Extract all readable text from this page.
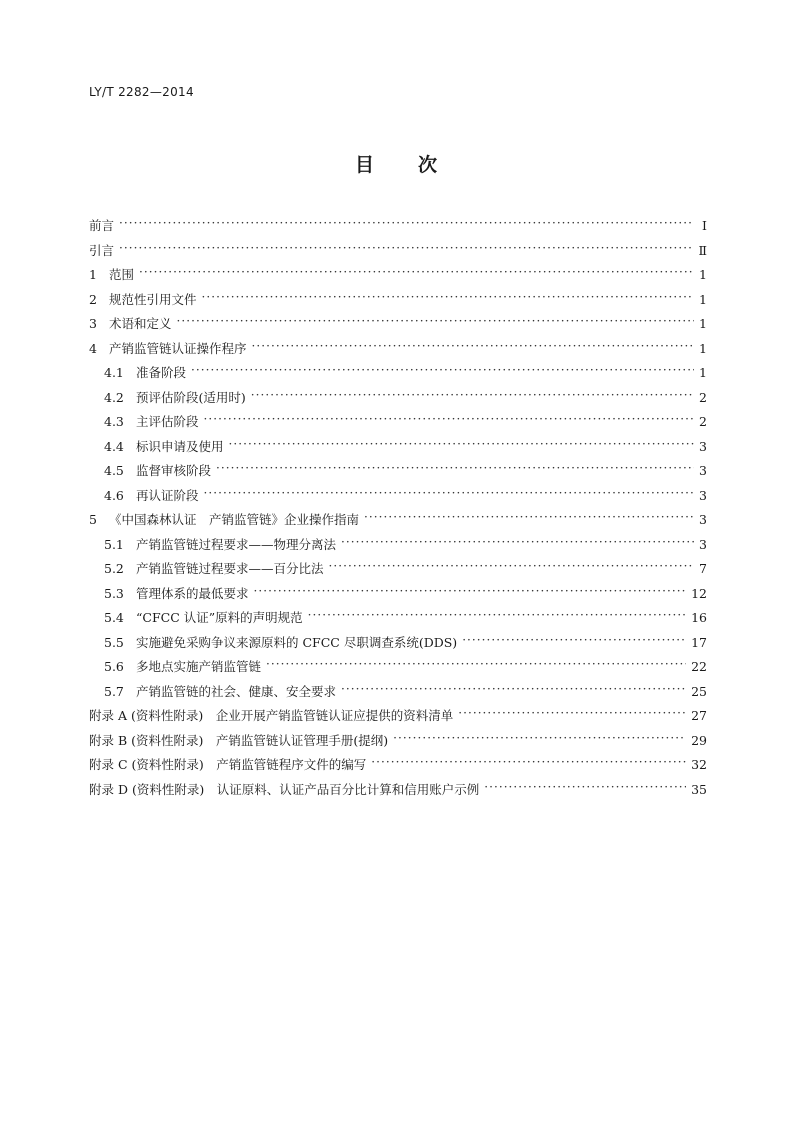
LY/T 2282—2014
目　　次
前言 ·····	Ⅰ
引言 ·····	Ⅱ
1 范围 ·····	1
2 规范性引用文件 ·····	1
3 术语和定义 ·····	1
4 产销监管链认证操作程序 ·····	1
4.1 准备阶段 ·····	1
4.2 预评估阶段(适用时) ·····	2
4.3 主评估阶段 ·····	2
4.4 标识申请及使用 ·····	3
4.5 监督审核阶段 ·····	3
4.6 再认证阶段 ·····	3
5 《中国森林认证　产销监管链》企业操作指南 ·····	3
5.1 产销监管链过程要求——物理分离法 ·····	3
5.2 产销监管链过程要求——百分比法 ·····	7
5.3 管理体系的最低要求 ·····	12
5.4 “CFCC 认证”原料的声明规范 ·····	16
5.5 实施避免采购争议来源原料的 CFCC 尽职调查系统(DDS) ·····	17
5.6 多地点实施产销监管链 ·····	22
5.7 产销监管链的社会、健康、安全要求 ·····	25
附录 A (资料性附录)　企业开展产销监管链认证应提供的资料清单 ·····	27
附录 B (资料性附录)　产销监管链认证管理手册(提纲) ·····	29
附录 C (资料性附录)　产销监管链程序文件的编写 ·····	32
附录 D (资料性附录)　认证原料、认证产品百分比计算和信用账户示例 ·····	35
